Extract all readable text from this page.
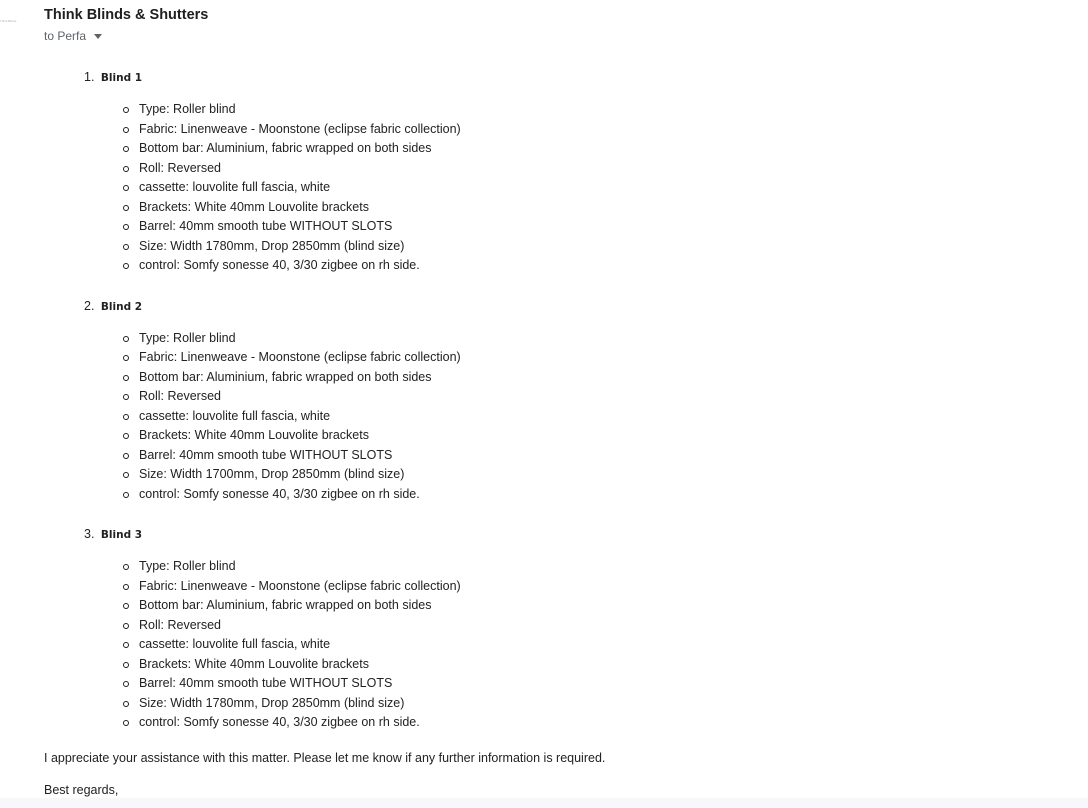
Think Blinds	Think Blinds & Shutters
to Perfa
1. Blind 1
Type: Roller blind
Fabric: Linenweave - Moonstone (eclipse fabric collection)
Bottom bar: Aluminium, fabric wrapped on both sides
Roll: Reversed
cassette: louvolite full fascia, white
Brackets: White 40mm Louvolite brackets
Barrel: 40mm smooth tube WITHOUT SLOTS
Size: Width 1780mm, Drop 2850mm (blind size)
control: Somfy sonesse 40, 3/30 zigbee on rh side.
2. Blind 2
Type: Roller blind
Fabric: Linenweave - Moonstone (eclipse fabric collection)
Bottom bar: Aluminium, fabric wrapped on both sides
Roll: Reversed
cassette: louvolite full fascia, white
Brackets: White 40mm Louvolite brackets
Barrel: 40mm smooth tube WITHOUT SLOTS
Size: Width 1700mm, Drop 2850mm (blind size)
control: Somfy sonesse 40, 3/30 zigbee on rh side.
3. Blind 3
Type: Roller blind
Fabric: Linenweave - Moonstone (eclipse fabric collection)
Bottom bar: Aluminium, fabric wrapped on both sides
Roll: Reversed
cassette: louvolite full fascia, white
Brackets: White 40mm Louvolite brackets
Barrel: 40mm smooth tube WITHOUT SLOTS
Size: Width 1780mm, Drop 2850mm (blind size)
control: Somfy sonesse 40, 3/30 zigbee on rh side.
I appreciate your assistance with this matter. Please let me know if any further information is required.
Best regards,
